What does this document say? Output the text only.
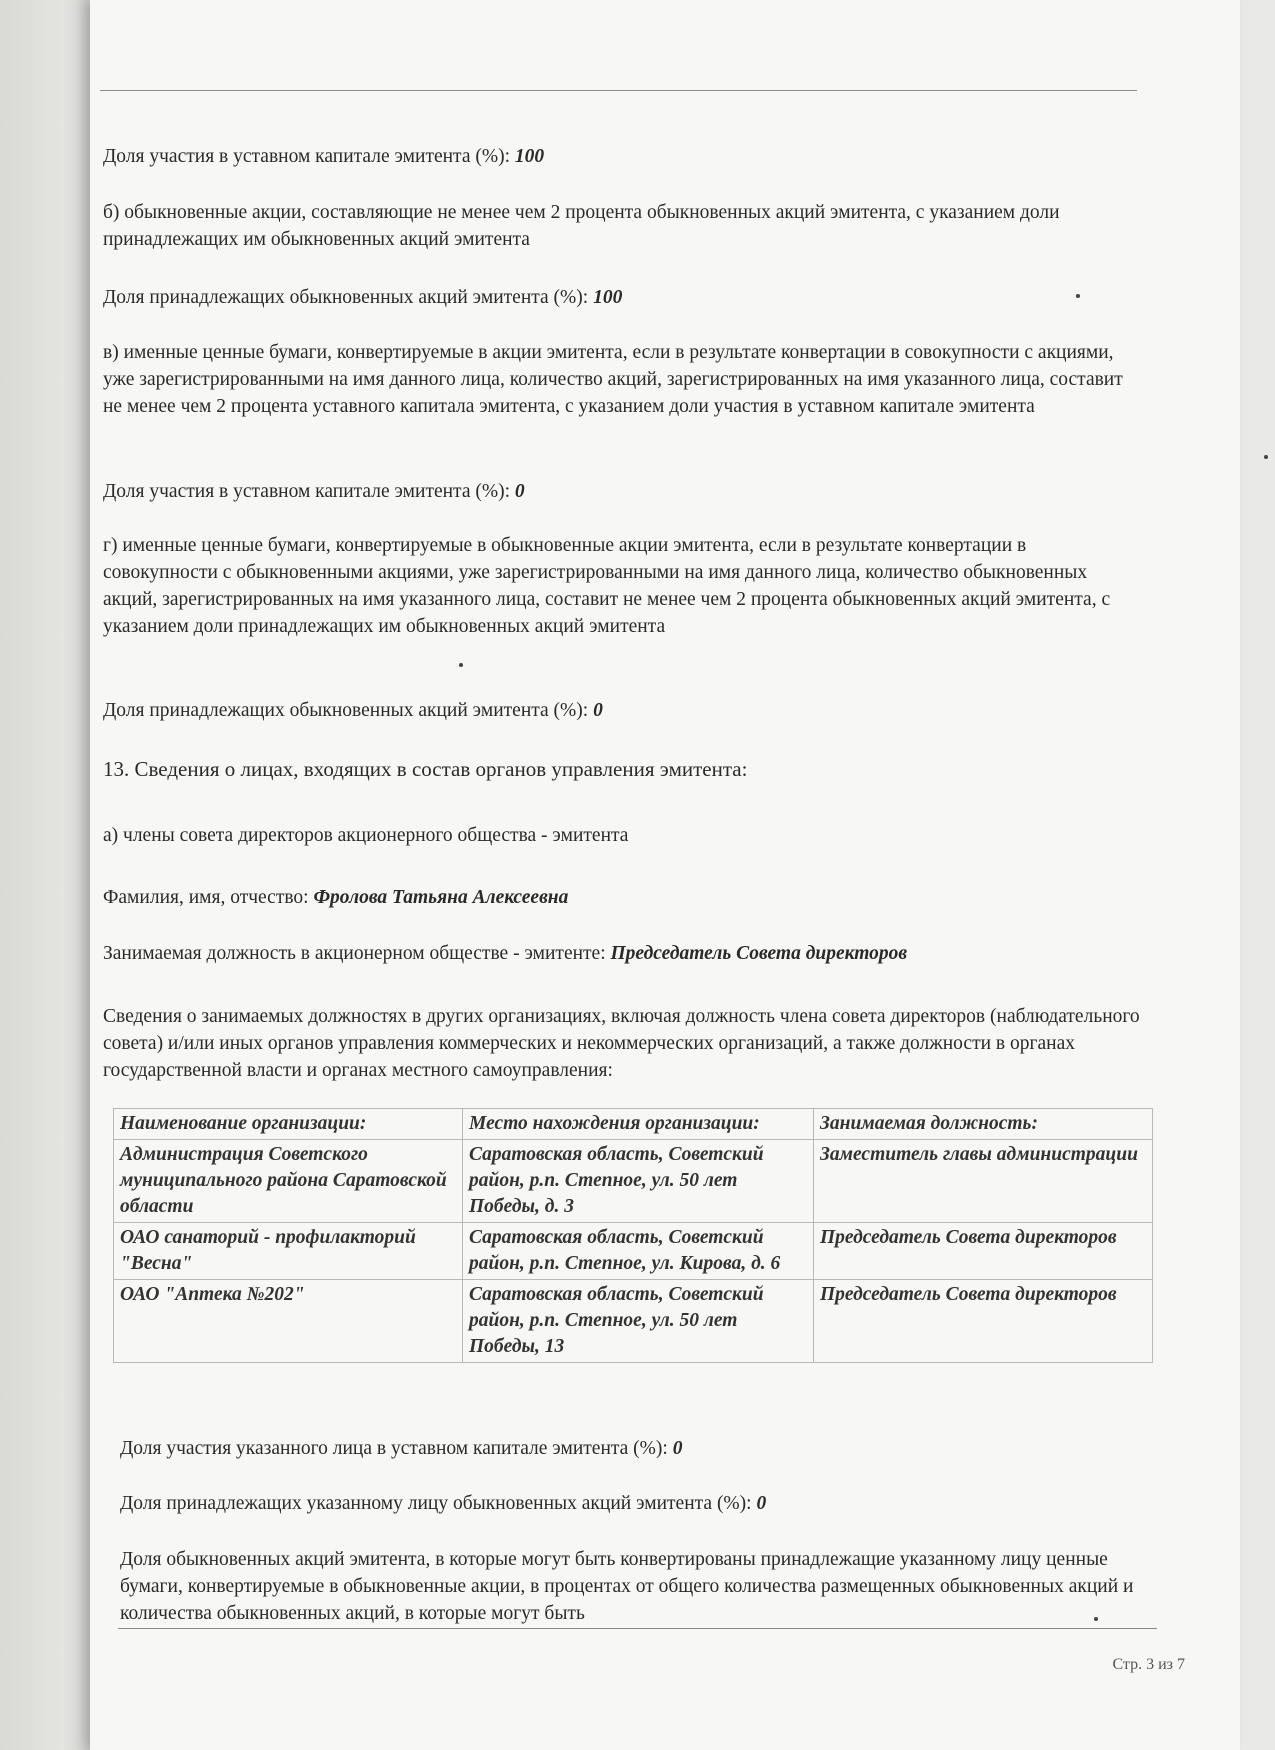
Доля участия в уставном капитале эмитента (%): 100

б) обыкновенные акции, составляющие не менее чем 2 процента обыкновенных акций эмитента, с указанием доли принадлежащих им обыкновенных акций эмитента

Доля принадлежащих обыкновенных акций эмитента (%): 100

в) именные ценные бумаги, конвертируемые в акции эмитента, если в результате конвертации в совокупности с акциями, уже зарегистрированными на имя данного лица, количество акций, зарегистрированных на имя указанного лица, составит не менее чем 2 процента уставного капитала эмитента, с указанием доли участия в уставном капитале эмитента

Доля участия в уставном капитале эмитента (%): 0

г) именные ценные бумаги, конвертируемые в обыкновенные акции эмитента, если в результате конвертации в совокупности с обыкновенными акциями, уже зарегистрированными на имя данного лица, количество обыкновенных акций, зарегистрированных на имя указанного лица, составит не менее чем 2 процента обыкновенных акций эмитента, с указанием доли принадлежащих им обыкновенных акций эмитента

Доля принадлежащих обыкновенных акций эмитента (%): 0

13. Сведения о лицах, входящих в состав органов управления эмитента:

а) члены совета директоров акционерного общества - эмитента

Фамилия, имя, отчество: Фролова Татьяна Алексеевна

Занимаемая должность в акционерном обществе - эмитенте: Председатель Совета директоров

Сведения о занимаемых должностях в других организациях, включая должность члена совета директоров (наблюдательного совета) и/или иных органов управления коммерческих и некоммерческих организаций, а также должности в органах государственной власти и органах местного самоуправления:

Наименование организации:	Место нахождения организации:	Занимаемая должность:
Администрация Советского муниципального района Саратовской области	Саратовская область, Советский район, р.п. Степное, ул. 50 лет Победы, д. 3	Заместитель главы администрации
ОАО санаторий - профилакторий "Весна"	Саратовская область, Советский район, р.п. Степное, ул. Кирова, д. 6	Председатель Совета директоров
ОАО "Аптека №202"	Саратовская область, Советский район, р.п. Степное, ул. 50 лет Победы, 13	Председатель Совета директоров

Доля участия указанного лица в уставном капитале эмитента (%): 0

Доля принадлежащих указанному лицу обыкновенных акций эмитента (%): 0

Доля обыкновенных акций эмитента, в которые могут быть конвертированы принадлежащие указанному лицу ценные бумаги, конвертируемые в обыкновенные акции, в процентах от общего количества размещенных обыкновенных акций и количества обыкновенных акций, в которые могут быть

Стр. 3 из 7
